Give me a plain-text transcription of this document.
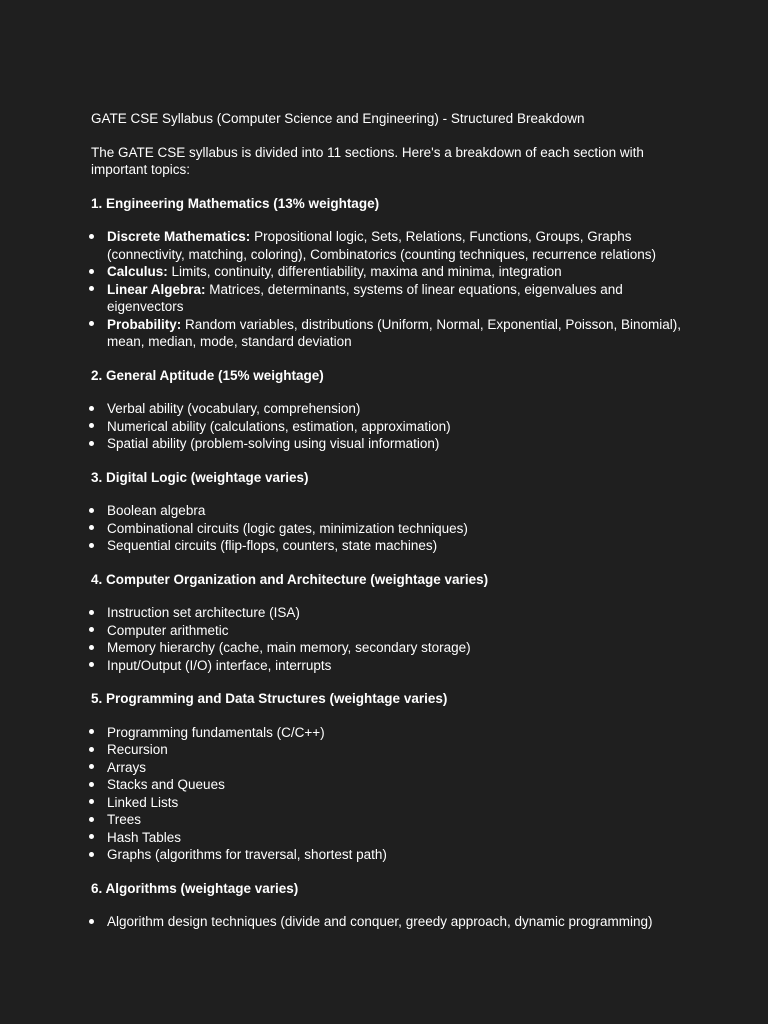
GATE CSE Syllabus (Computer Science and Engineering) - Structured Breakdown

The GATE CSE syllabus is divided into 11 sections. Here's a breakdown of each section with important topics:

1. Engineering Mathematics (13% weightage)

Discrete Mathematics: Propositional logic, Sets, Relations, Functions, Groups, Graphs (connectivity, matching, coloring), Combinatorics (counting techniques, recurrence relations)
Calculus: Limits, continuity, differentiability, maxima and minima, integration
Linear Algebra: Matrices, determinants, systems of linear equations, eigenvalues and eigenvectors
Probability: Random variables, distributions (Uniform, Normal, Exponential, Poisson, Binomial), mean, median, mode, standard deviation

2. General Aptitude (15% weightage)

Verbal ability (vocabulary, comprehension)
Numerical ability (calculations, estimation, approximation)
Spatial ability (problem-solving using visual information)

3. Digital Logic (weightage varies)

Boolean algebra
Combinational circuits (logic gates, minimization techniques)
Sequential circuits (flip-flops, counters, state machines)

4. Computer Organization and Architecture (weightage varies)

Instruction set architecture (ISA)
Computer arithmetic
Memory hierarchy (cache, main memory, secondary storage)
Input/Output (I/O) interface, interrupts

5. Programming and Data Structures (weightage varies)

Programming fundamentals (C/C++)
Recursion
Arrays
Stacks and Queues
Linked Lists
Trees
Hash Tables
Graphs (algorithms for traversal, shortest path)

6. Algorithms (weightage varies)

Algorithm design techniques (divide and conquer, greedy approach, dynamic programming)
